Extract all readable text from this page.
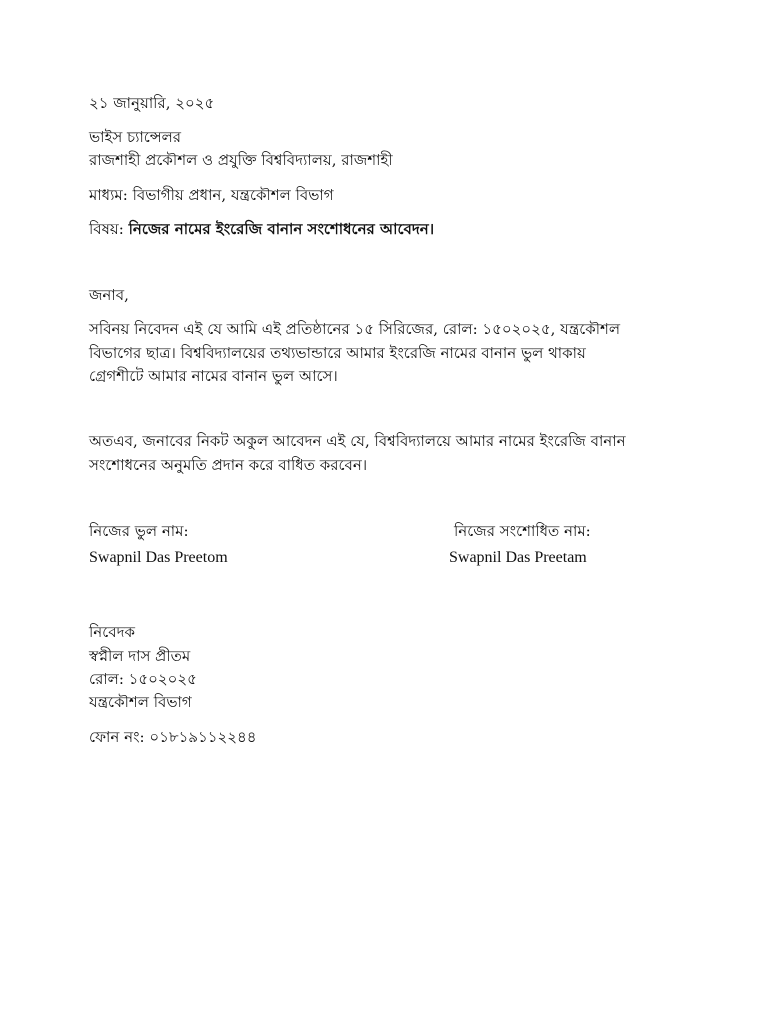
২১ জানুয়ারি, ২০২৫
ভাইস চ্যান্সেলর
রাজশাহী প্রকৌশল ও প্রযুক্তি বিশ্ববিদ্যালয়, রাজশাহী
মাধ্যম: বিভাগীয় প্রধান, যন্ত্রকৌশল বিভাগ
বিষয়: নিজের নামের ইংরেজি বানান সংশোধনের আবেদন।
জনাব,
সবিনয় নিবেদন এই যে আমি এই প্রতিষ্ঠানের ১৫ সিরিজের, রোল: ১৫০২০২৫, যন্ত্রকৌশল
বিভাগের ছাত্র। বিশ্ববিদ্যালয়ের তথ্যভান্ডারে আমার ইংরেজি নামের বানান ভুল থাকায়
গ্রেগশীটে আমার নামের বানান ভুল আসে।
অতএব, জনাবের নিকট অকুল আবেদন এই যে, বিশ্ববিদ্যালয়ে আমার নামের ইংরেজি বানান
সংশোধনের অনুমতি প্রদান করে বাধিত করবেন।
নিজের ভুল নাম:
Swapnil Das Preetom
নিজের সংশোধিত নাম:
Swapnil Das Preetam
নিবেদক
স্বপ্নীল দাস প্রীতম
রোল: ১৫০২০২৫
যন্ত্রকৌশল বিভাগ
ফোন নং: ০১৮১৯১১২২৪৪
